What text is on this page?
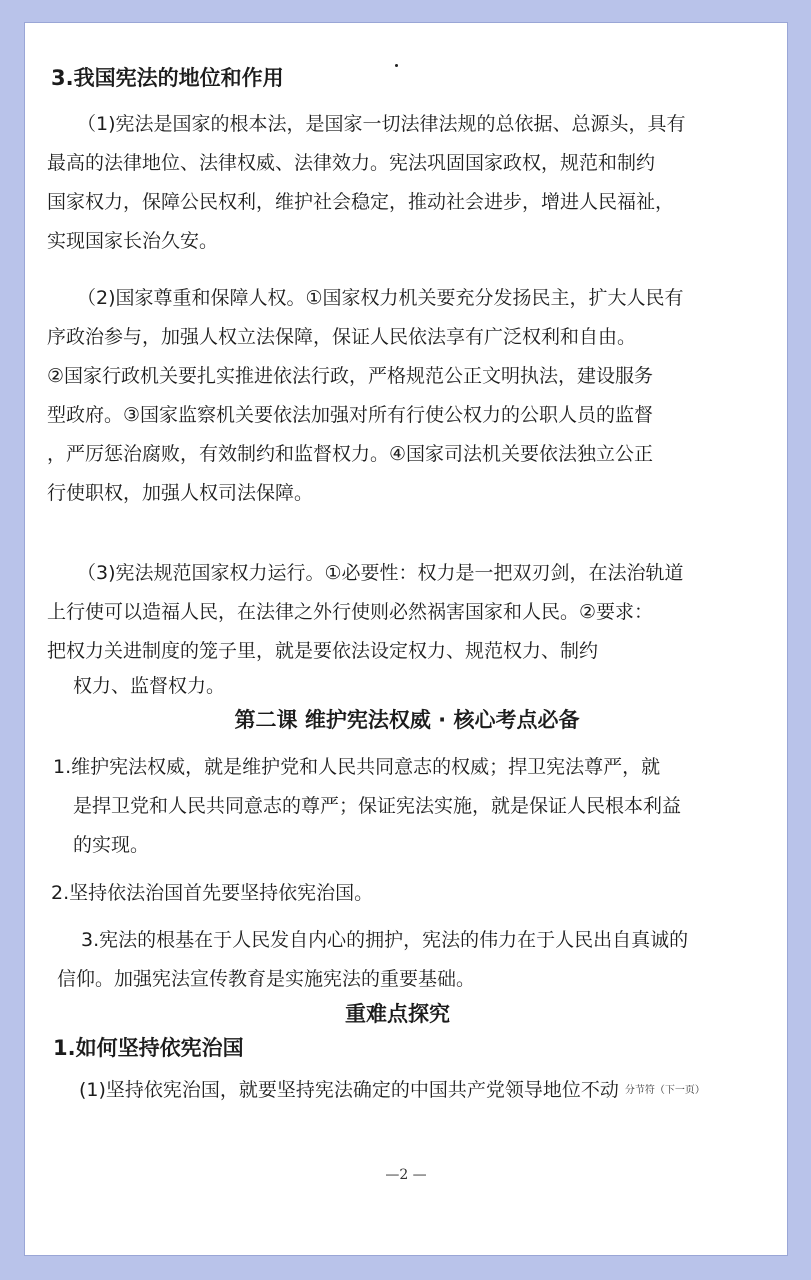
3.我国宪法的地位和作用

（1)宪法是国家的根本法，是国家一切法律法规的总依据、总源头，具有
最高的法律地位、法律权威、法律效力。宪法巩固国家政权，规范和制约
国家权力，保障公民权利，维护社会稳定，推动社会进步，增进人民福祉，
实现国家长治久安。
（2)国家尊重和保障人权。①国家权力机关要充分发扬民主，扩大人民有
序政治参与，加强人权立法保障，保证人民依法享有广泛权利和自由。
②国家行政机关要扎实推进依法行政，严格规范公正文明执法，建设服务
型政府。③国家监察机关要依法加强对所有行使公权力的公职人员的监督
，严厉惩治腐败，有效制约和监督权力。④国家司法机关要依法独立公正
行使职权，加强人权司法保障。
（3)宪法规范国家权力运行。①必要性：权力是一把双刃剑，在法治轨道
上行使可以造福人民，在法律之外行使则必然祸害国家和人民。②要求：
把权力关进制度的笼子里，就是要依法设定权力、规范权力、制约

权力、监督权力。

第二课 维护宪法权威 · 核心考点必备

1.维护宪法权威，就是维护党和人民共同意志的权威；捍卫宪法尊严，就
是捍卫党和人民共同意志的尊严；保证宪法实施，就是保证人民根本利益
的实现。

2.坚持依法治国首先要坚持依宪治国。

3.宪法的根基在于人民发自内心的拥护，宪法的伟力在于人民出自真诚的
信仰。加强宪法宣传教育是实施宪法的重要基础。

重难点探究

1.如何坚持依宪治国

(1)坚持依宪治国，就要坚持宪法确定的中国共产党领导地位不动 分节符（下一页）

—2 —
